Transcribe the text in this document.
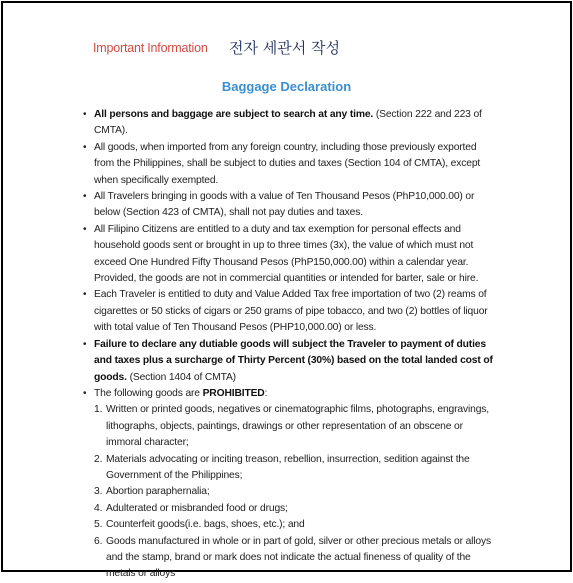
Important Information 전자 세관서 작성
Baggage Declaration
• All persons and baggage are subject to search at any time. (Section 222 and 223 of CMTA).
• All goods, when imported from any foreign country, including those previously exported from the Philippines, shall be subject to duties and taxes (Section 104 of CMTA), except when specifically exempted.
• All Travelers bringing in goods with a value of Ten Thousand Pesos (PhP10,000.00) or below (Section 423 of CMTA), shall not pay duties and taxes.
• All Filipino Citizens are entitled to a duty and tax exemption for personal effects and household goods sent or brought in up to three times (3x), the value of which must not exceed One Hundred Fifty Thousand Pesos (PhP150,000.00) within a calendar year. Provided, the goods are not in commercial quantities or intended for barter, sale or hire.
• Each Traveler is entitled to duty and Value Added Tax free importation of two (2) reams of cigarettes or 50 sticks of cigars or 250 grams of pipe tobacco, and two (2) bottles of liquor with total value of Ten Thousand Pesos (PHP10,000.00) or less.
• Failure to declare any dutiable goods will subject the Traveler to payment of duties and taxes plus a surcharge of Thirty Percent (30%) based on the total landed cost of goods. (Section 1404 of CMTA)
• The following goods are PROHIBITED:
1. Written or printed goods, negatives or cinematographic films, photographs, engravings, lithographs, objects, paintings, drawings or other representation of an obscene or immoral character;
2. Materials advocating or inciting treason, rebellion, insurrection, sedition against the Government of the Philippines;
3. Abortion paraphernalia;
4. Adulterated or misbranded food or drugs;
5. Counterfeit goods(i.e. bags, shoes, etc.); and
6. Goods manufactured in whole or in part of gold, silver or other precious metals or alloys and the stamp, brand or mark does not indicate the actual fineness of quality of the metals or alloys
